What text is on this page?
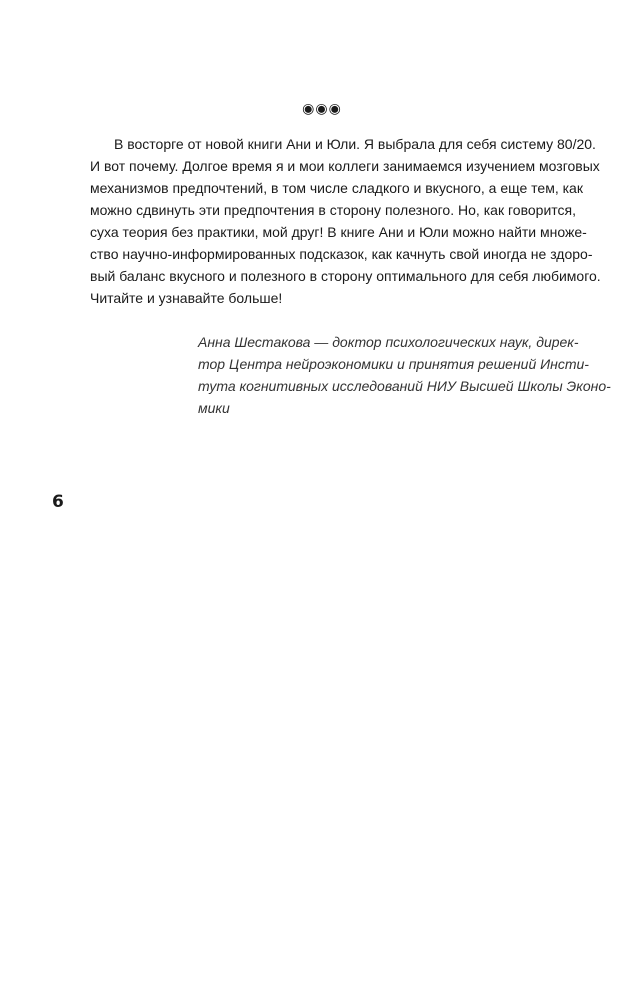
◉◉◉
В восторге от новой книги Ани и Юли. Я выбрала для себя систему 80/20.
И вот почему. Долгое время я и мои коллеги занимаемся изучением мозговых
механизмов предпочтений, в том числе сладкого и вкусного, а еще тем, как
можно сдвинуть эти предпочтения в сторону полезного. Но, как говорится,
суха теория без практики, мой друг! В книге Ани и Юли можно найти множе-
ство научно-информированных подсказок, как качнуть свой иногда не здоро-
вый баланс вкусного и полезного в сторону оптимального для себя любимого.
Читайте и узнавайте больше!
Анна Шестакова — доктор психологических наук, дирек-
тор Центра нейроэкономики и принятия решений Инсти-
тута когнитивных исследований НИУ Высшей Школы Эконо-
мики
6
